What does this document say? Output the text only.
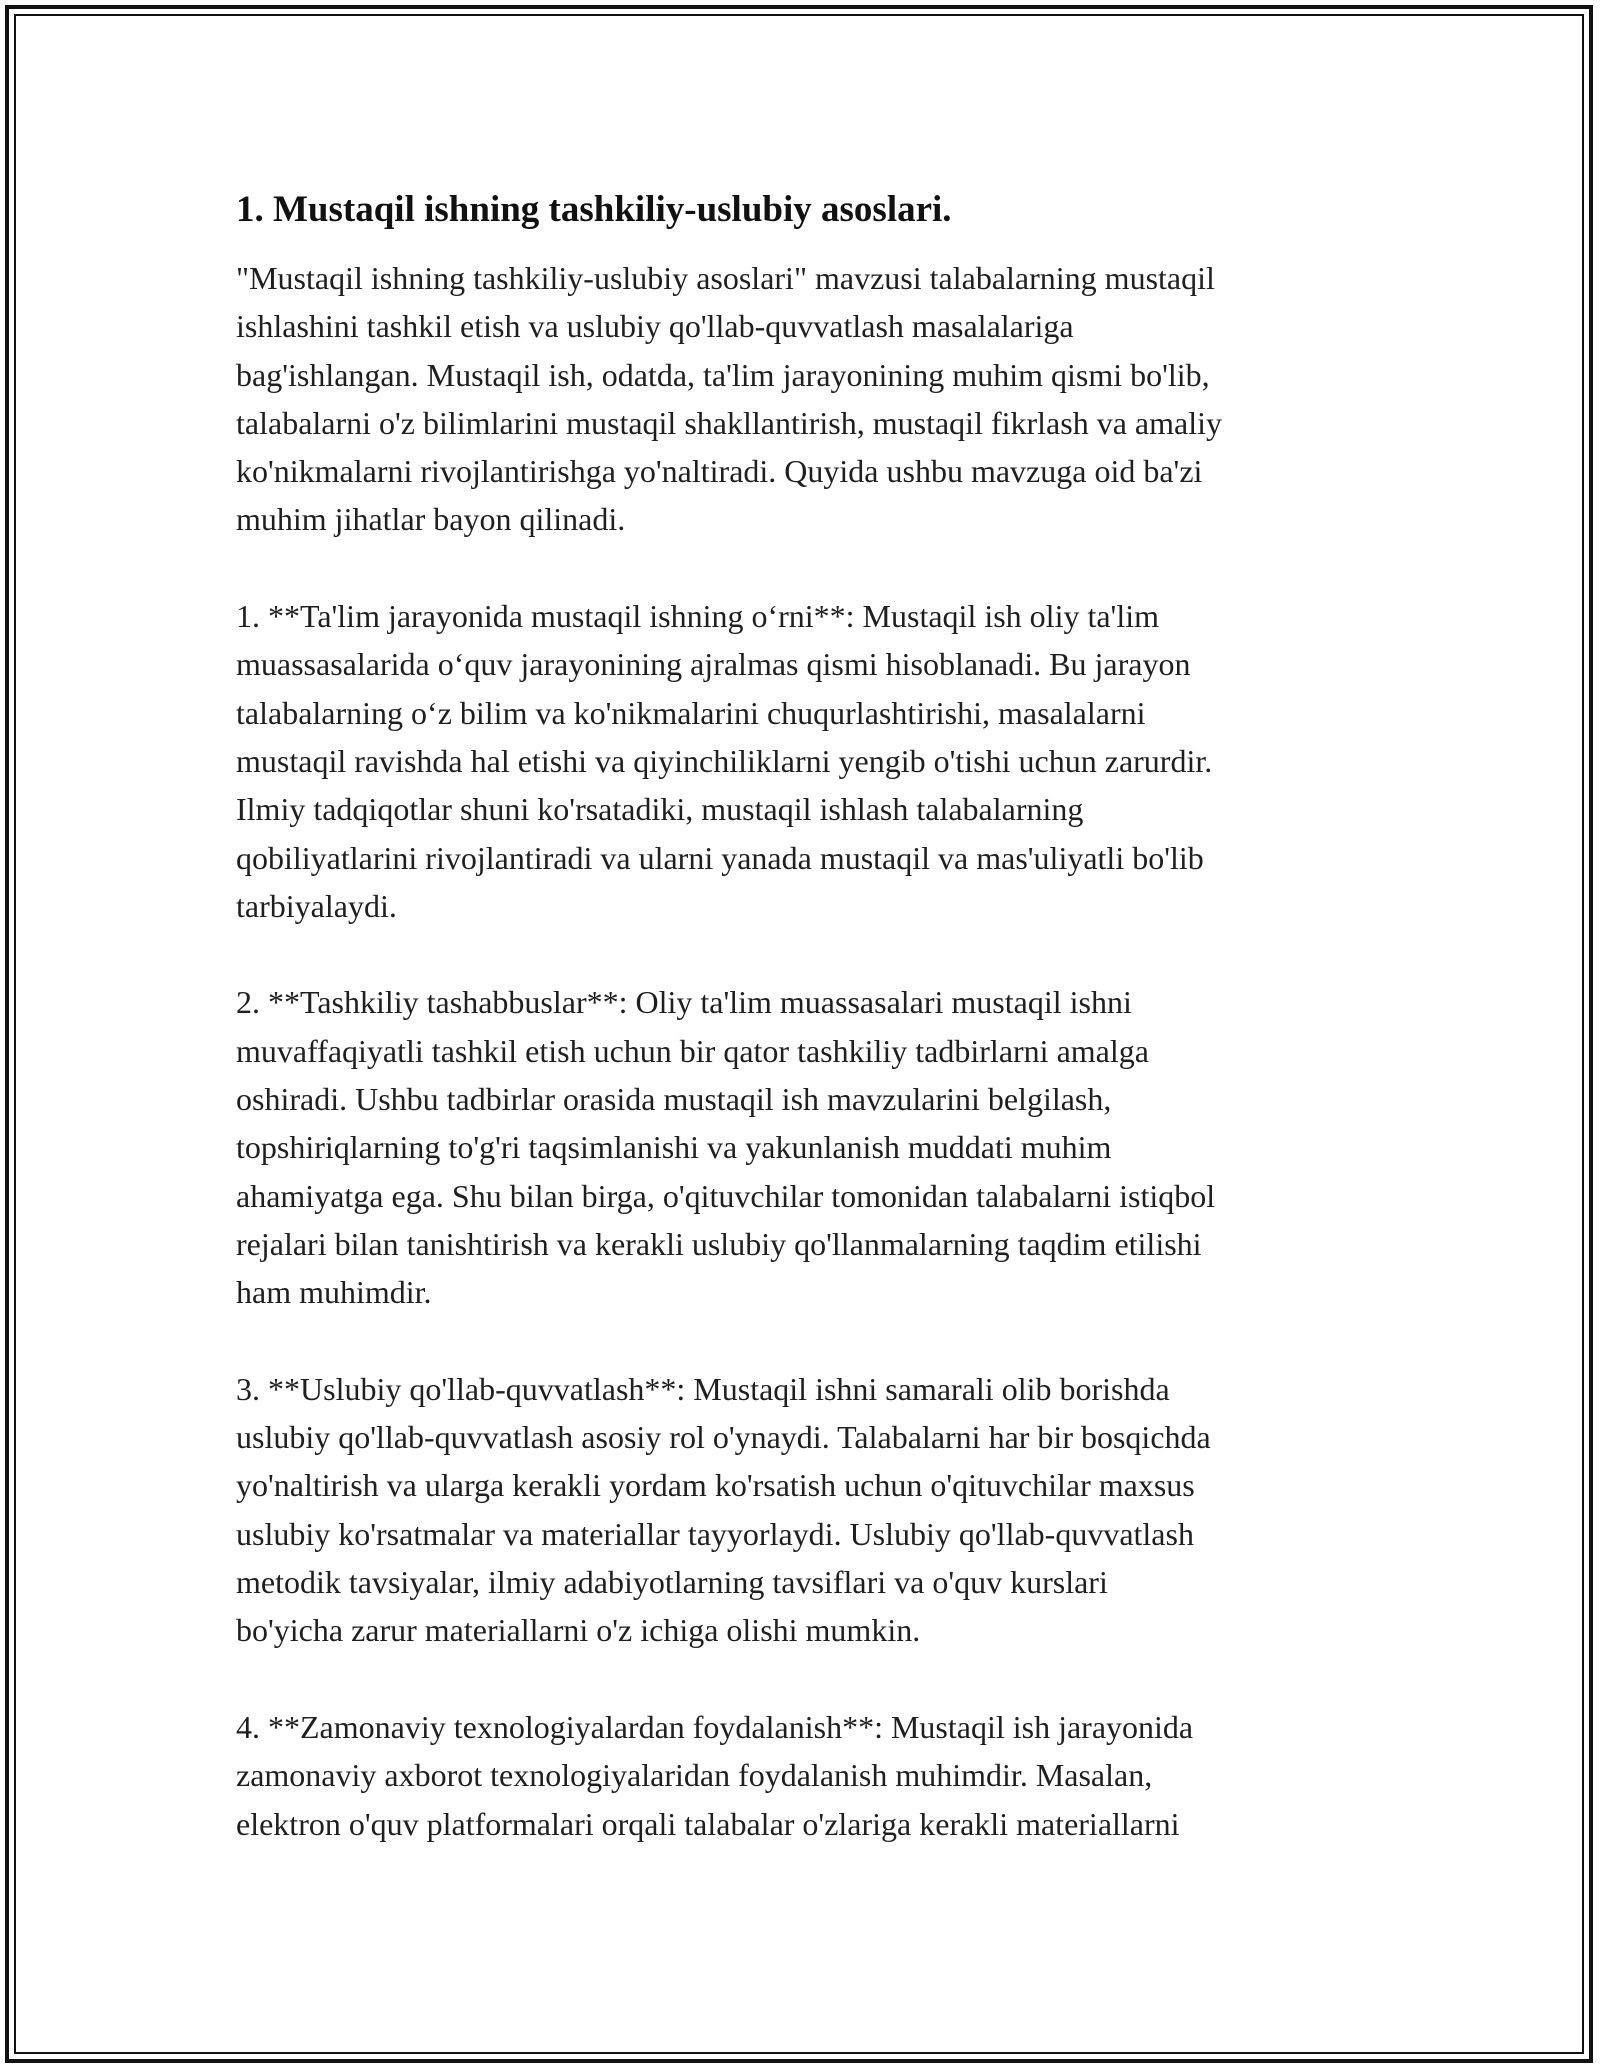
1. Mustaqil ishning tashkiliy-uslubiy asoslari.

"Mustaqil ishning tashkiliy-uslubiy asoslari" mavzusi talabalarning mustaqil
ishlashini tashkil etish va uslubiy qo'llab-quvvatlash masalalariga
bag'ishlangan. Mustaqil ish, odatda, ta'lim jarayonining muhim qismi bo'lib,
talabalarni o'z bilimlarini mustaqil shakllantirish, mustaqil fikrlash va amaliy
ko'nikmalarni rivojlantirishga yo'naltiradi. Quyida ushbu mavzuga oid ba'zi
muhim jihatlar bayon qilinadi.

1. **Ta'lim jarayonida mustaqil ishning o‘rni**: Mustaqil ish oliy ta'lim
muassasalarida o‘quv jarayonining ajralmas qismi hisoblanadi. Bu jarayon
talabalarning o‘z bilim va ko'nikmalarini chuqurlashtirishi, masalalarni
mustaqil ravishda hal etishi va qiyinchiliklarni yengib o'tishi uchun zarurdir.
Ilmiy tadqiqotlar shuni ko'rsatadiki, mustaqil ishlash talabalarning
qobiliyatlarini rivojlantiradi va ularni yanada mustaqil va mas'uliyatli bo'lib
tarbiyalaydi.

2. **Tashkiliy tashabbuslar**: Oliy ta'lim muassasalari mustaqil ishni
muvaffaqiyatli tashkil etish uchun bir qator tashkiliy tadbirlarni amalga
oshiradi. Ushbu tadbirlar orasida mustaqil ish mavzularini belgilash,
topshiriqlarning to'g'ri taqsimlanishi va yakunlanish muddati muhim
ahamiyatga ega. Shu bilan birga, o'qituvchilar tomonidan talabalarni istiqbol
rejalari bilan tanishtirish va kerakli uslubiy qo'llanmalarning taqdim etilishi
ham muhimdir.

3. **Uslubiy qo'llab-quvvatlash**: Mustaqil ishni samarali olib borishda
uslubiy qo'llab-quvvatlash asosiy rol o'ynaydi. Talabalarni har bir bosqichda
yo'naltirish va ularga kerakli yordam ko'rsatish uchun o'qituvchilar maxsus
uslubiy ko'rsatmalar va materiallar tayyorlaydi. Uslubiy qo'llab-quvvatlash
metodik tavsiyalar, ilmiy adabiyotlarning tavsiflari va o'quv kurslari
bo'yicha zarur materiallarni o'z ichiga olishi mumkin.

4. **Zamonaviy texnologiyalardan foydalanish**: Mustaqil ish jarayonida
zamonaviy axborot texnologiyalaridan foydalanish muhimdir. Masalan,
elektron o'quv platformalari orqali talabalar o'zlariga kerakli materiallarni
